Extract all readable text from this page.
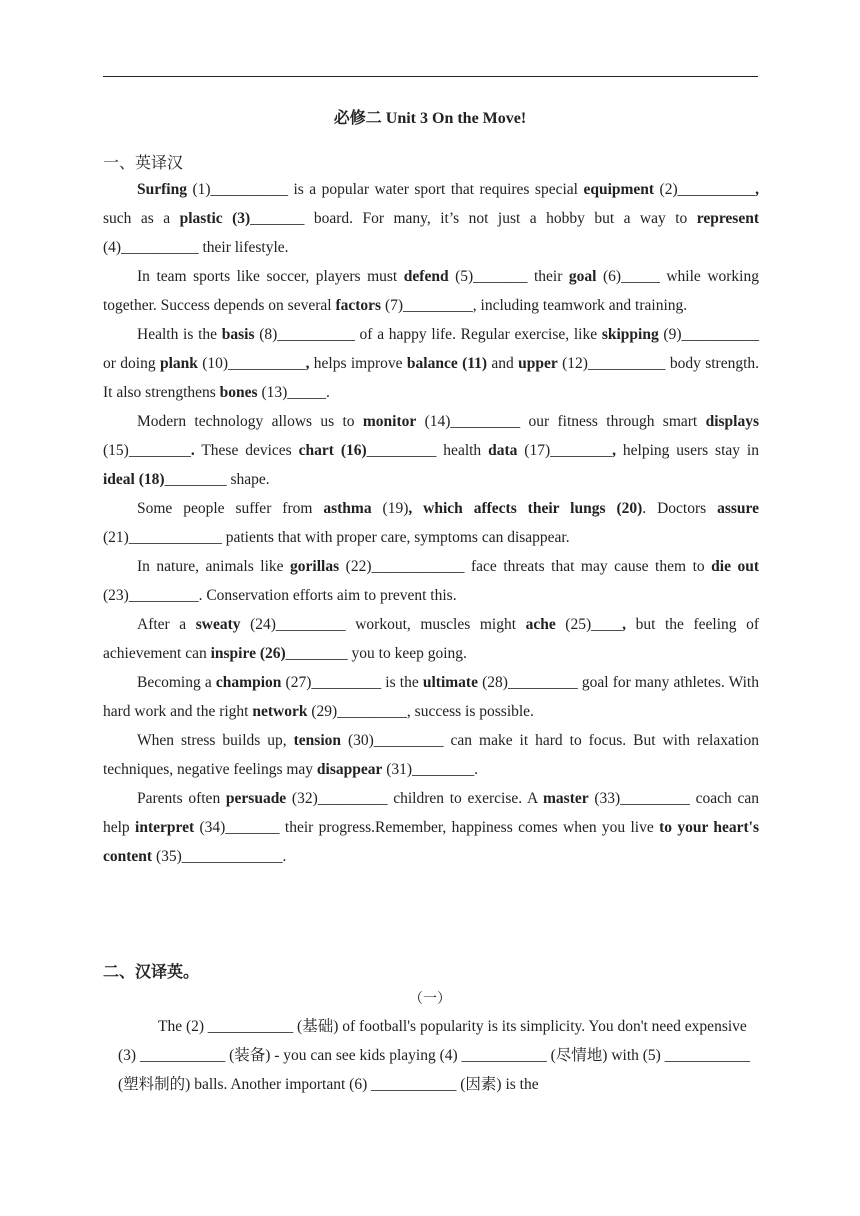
必修二 Unit 3 On the Move!
一、英译汉

Surfing (1)__________ is a popular water sport that requires special equipment (2)__________, such as a plastic (3)_______ board. For many, it’s not just a hobby but a way to represent (4)__________ their lifestyle.

In team sports like soccer, players must defend (5)_______ their goal (6)_____ while working together. Success depends on several factors (7)_________, including teamwork and training.

Health is the basis (8)__________ of a happy life. Regular exercise, like skipping (9)__________ or doing plank (10)__________, helps improve balance (11) and upper (12)__________ body strength. It also strengthens bones (13)_____.

Modern technology allows us to monitor (14)_________ our fitness through smart displays (15)________. These devices chart (16)_________ health data (17)________, helping users stay in ideal (18)________ shape.

Some people suffer from asthma (19), which affects their lungs (20). Doctors assure (21)____________ patients that with proper care, symptoms can disappear.

In nature, animals like gorillas (22)____________ face threats that may cause them to die out (23)_________. Conservation efforts aim to prevent this.

After a sweaty (24)_________ workout, muscles might ache (25)____, but the feeling of achievement can inspire (26)________ you to keep going.

Becoming a champion (27)_________ is the ultimate (28)_________ goal for many athletes. With hard work and the right network (29)_________, success is possible.

When stress builds up, tension (30)_________ can make it hard to focus. But with relaxation techniques, negative feelings may disappear (31)________.

Parents often persuade (32)_________ children to exercise. A master (33)_________ coach can help interpret (34)_______ their progress.Remember, happiness comes when you live to your heart's content (35)_____________.

二、汉译英。
（一）

The (2) ___________ (基础) of football's popularity is its simplicity. You don't need expensive (3) ___________ (装备) - you can see kids playing (4) ___________ (尽情地) with (5) ___________ (塑料制的) balls. Another important (6) ___________ (因素) is the
